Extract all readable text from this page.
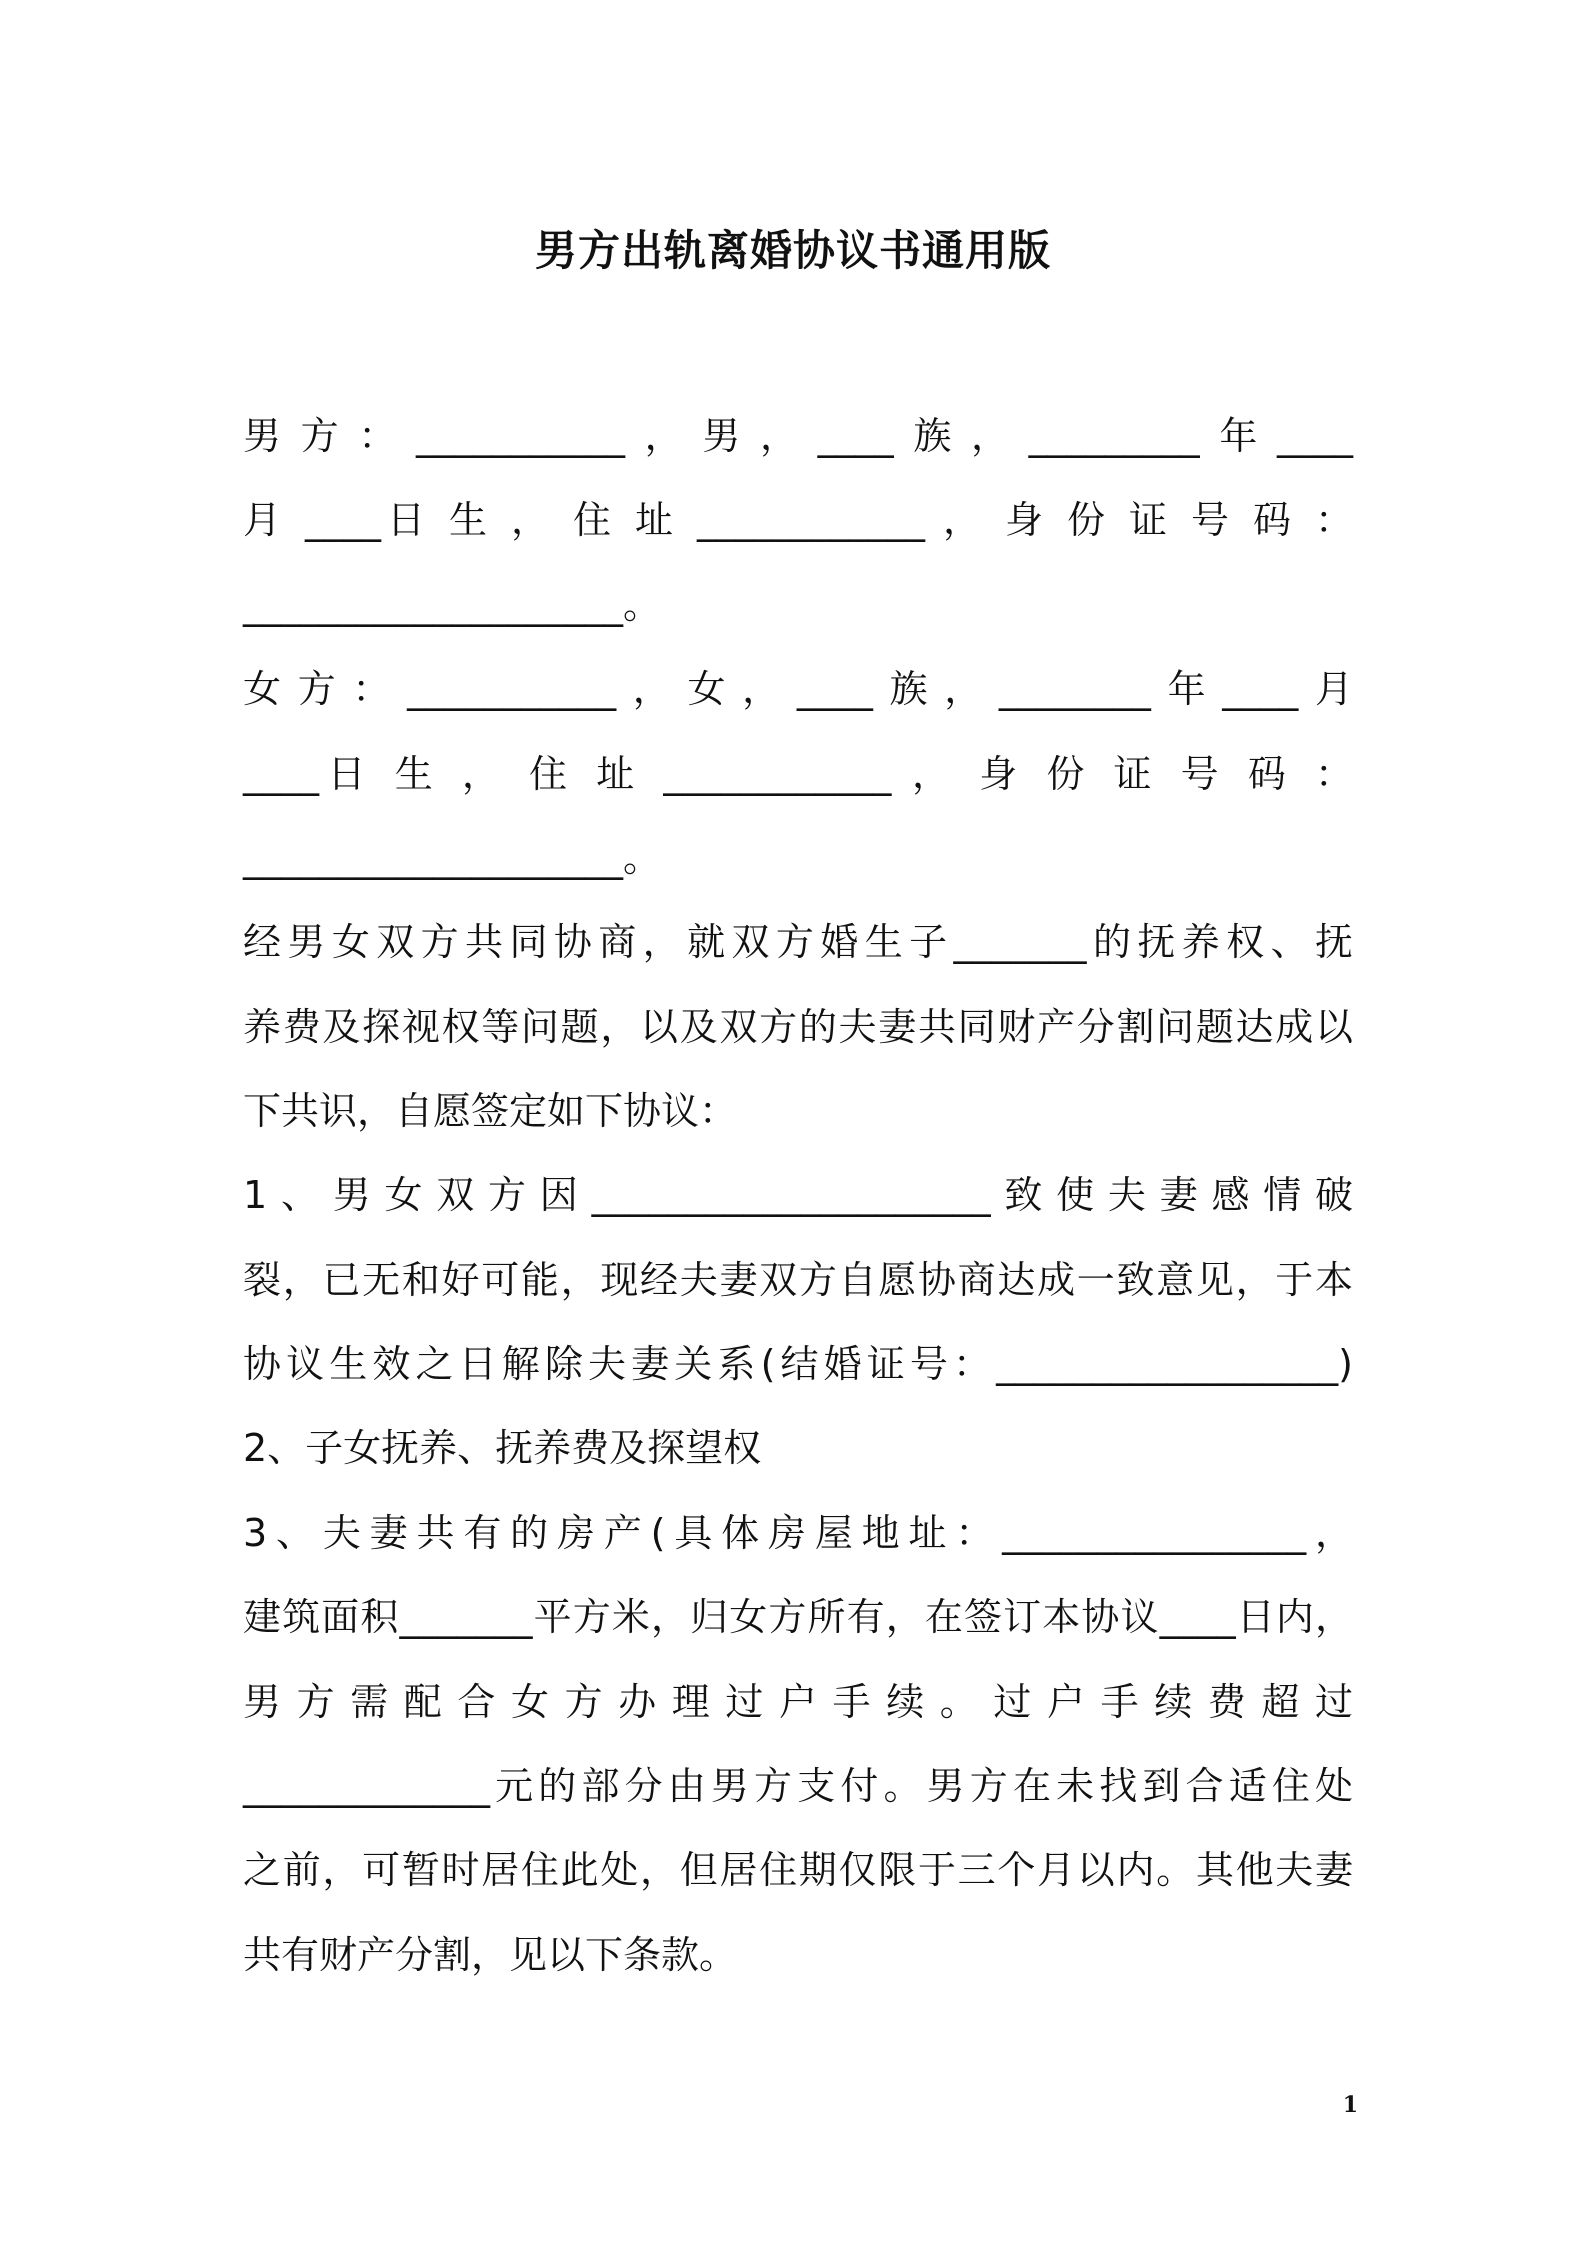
男方出轨离婚协议书通用版
男方：___________，男，____族，_________年____
月 ____日 生 ， 住 址 ____________ ， 身 份 证 号 码 ：
____________________。
女方：___________，女，____族，________年____月
____日 生 ， 住 址 ____________ ， 身 份 证 号 码 ：
____________________。
经男女双方共同协商，就双方婚生子_______的抚养权、抚
养费及探视权等问题，以及双方的夫妻共同财产分割问题达成以
下共识，自愿签定如下协议：
1、男女双方因_____________________致使夫妻感情破
裂，已无和好可能，现经夫妻双方自愿协商达成一致意见，于本
协议生效之日解除夫妻关系(结婚证号：__________________)
2、子女抚养、抚养费及探望权
3、夫妻共有的房产(具体房屋地址：________________，
建筑面积_______平方米，归女方所有，在签订本协议____日内，
男 方 需 配 合 女 方 办 理 过 户 手 续 。 过 户 手 续 费 超 过
_____________元的部分由男方支付。男方在未找到合适住处
之前，可暂时居住此处，但居住期仅限于三个月以内。其他夫妻
共有财产分割，见以下条款。
1
